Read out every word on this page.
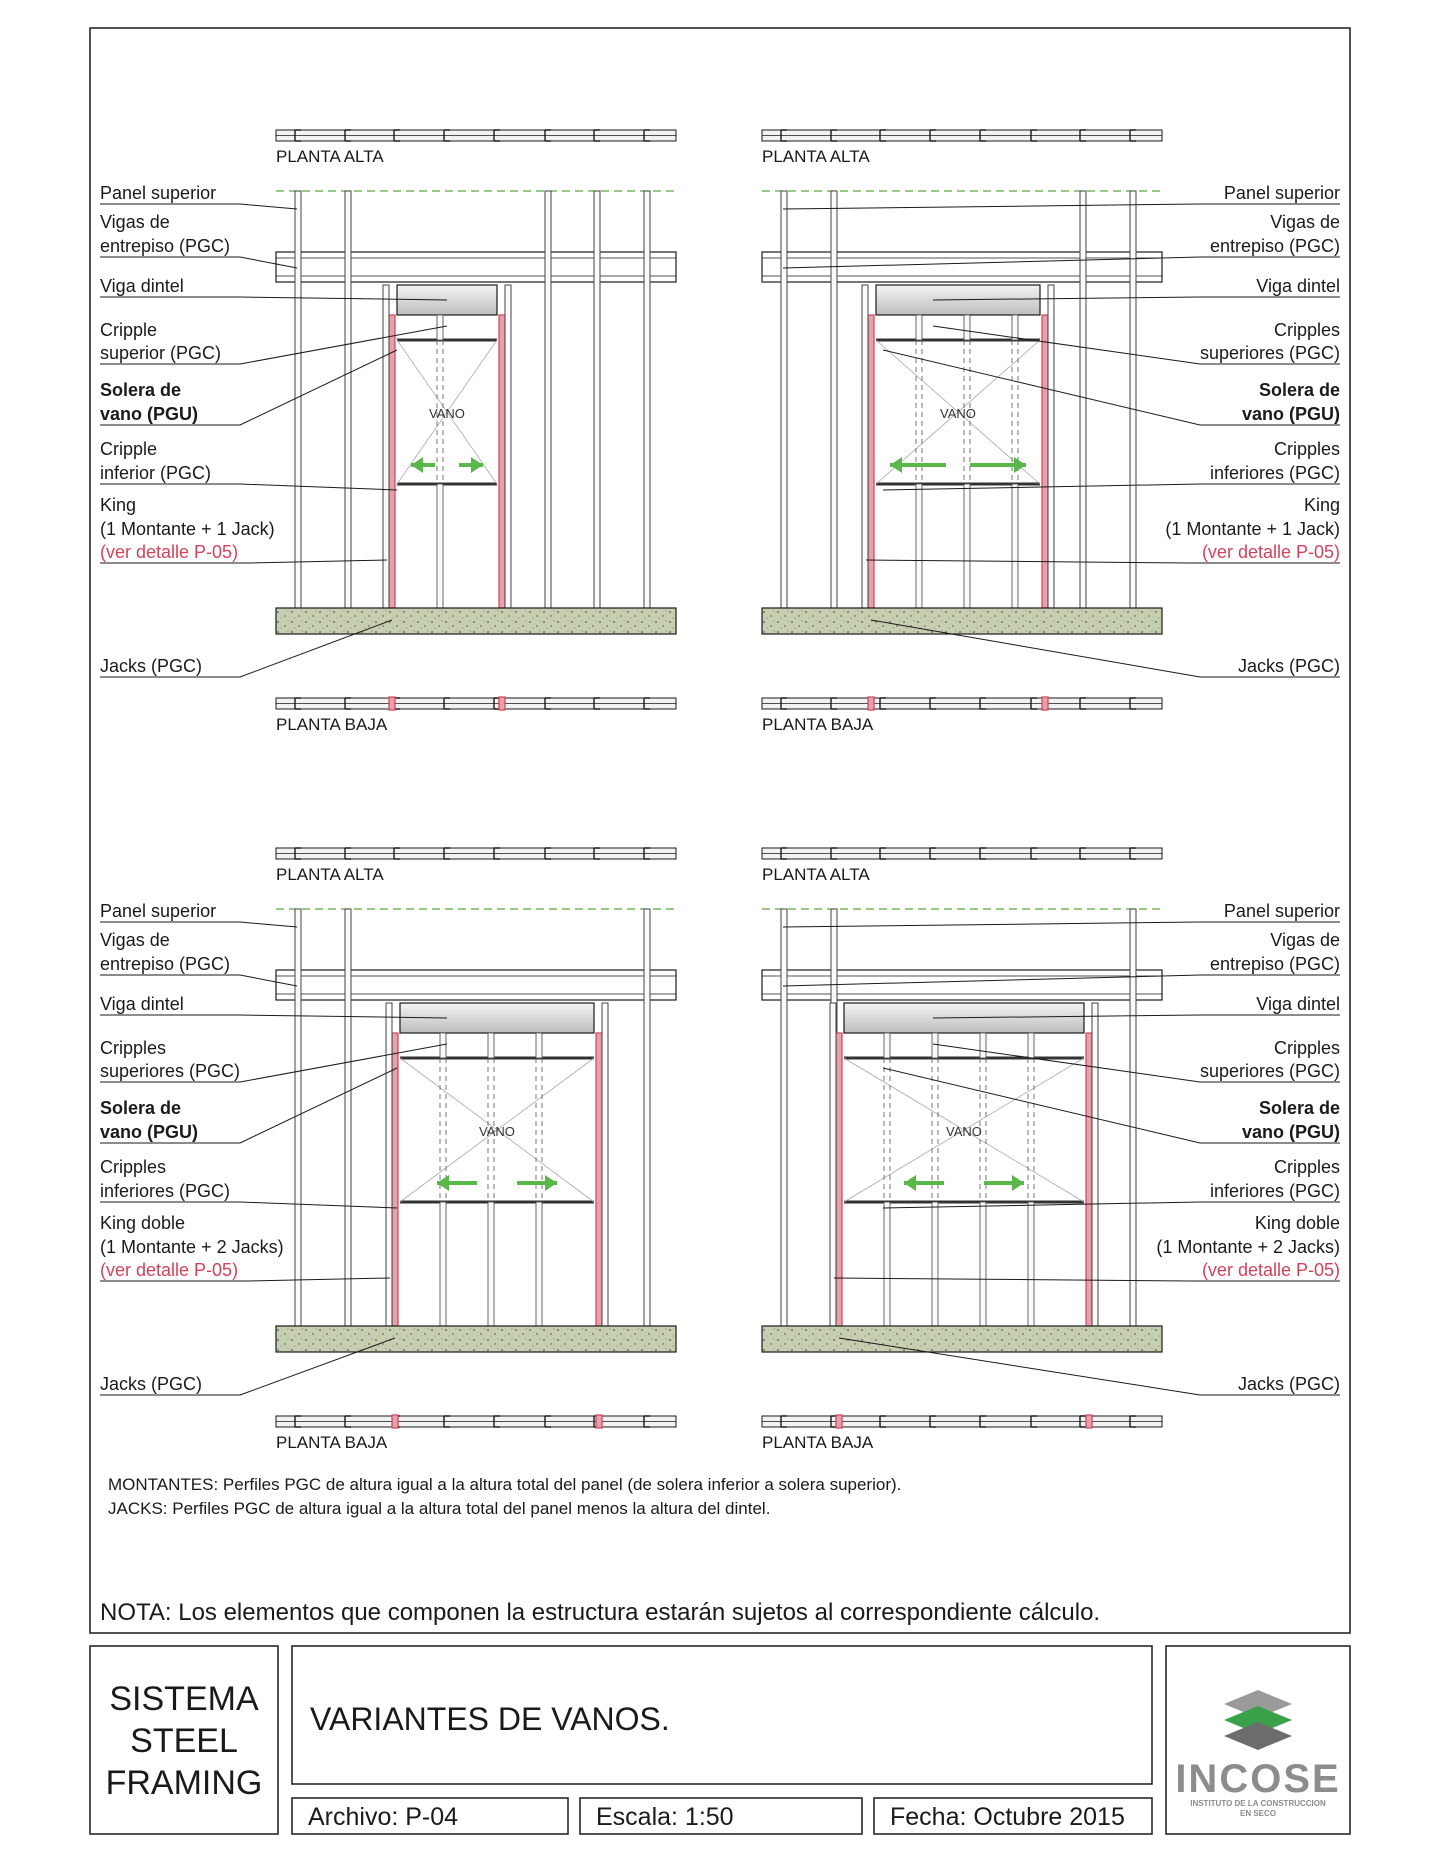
PLANTA ALTA
VANO
PLANTA BAJA
Panel superior
Vigas de
entrepiso (PGC)
Viga dintel
Cripple
superior (PGC)
Solera de
vano (PGU)
Cripple
inferior (PGC)
King
(1 Montante + 1 Jack)
(ver detalle P-05)
Jacks (PGC)
PLANTA ALTA
VANO
PLANTA BAJA
Panel superior
Vigas de
entrepiso (PGC)
Viga dintel
Cripples
superiores (PGC)
Solera de
vano (PGU)
Cripples
inferiores (PGC)
King
(1 Montante + 1 Jack)
(ver detalle P-05)
Jacks (PGC)
PLANTA ALTA
VANO
PLANTA BAJA
Panel superior
Vigas de
entrepiso (PGC)
Viga dintel
Cripples
superiores (PGC)
Solera de
vano (PGU)
Cripples
inferiores (PGC)
King doble
(1 Montante + 2 Jacks)
(ver detalle P-05)
Jacks (PGC)
PLANTA ALTA
VANO
PLANTA BAJA
Panel superior
Vigas de
entrepiso (PGC)
Viga dintel
Cripples
superiores (PGC)
Solera de
vano (PGU)
Cripples
inferiores (PGC)
King doble
(1 Montante + 2 Jacks)
(ver detalle P-05)
Jacks (PGC)
MONTANTES: Perfiles PGC de altura igual a la altura total del panel (de solera inferior a solera superior).
JACKS: Perfiles PGC de altura igual a la altura total del panel menos la altura del dintel.
NOTA: Los elementos que componen la estructura estarán sujetos al correspondiente cálculo.
SISTEMA
STEEL
FRAMING
VARIANTES DE VANOS.
Archivo: P-04	Escala: 1:50	Fecha: Octubre 2015
INCOSE
INSTITUTO DE LA CONSTRUCCION
EN SECO
